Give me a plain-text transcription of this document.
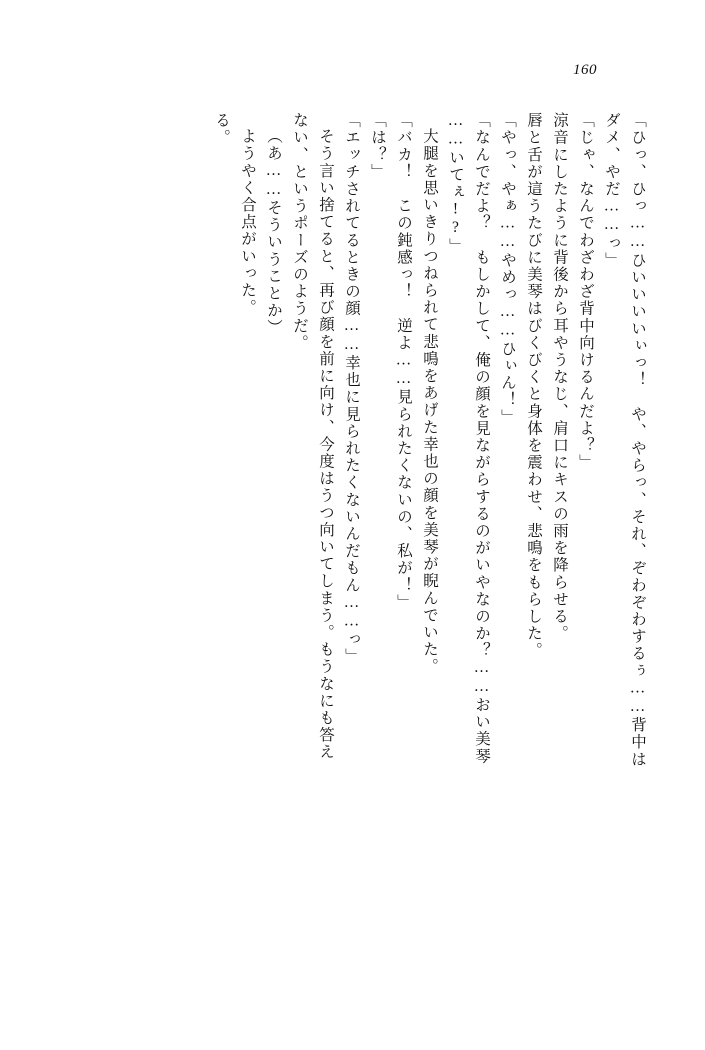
160
「ひっ、ひっ……ひいいいいぃっ！　や、やらっ、それ、ぞわぞわするぅ……背中は
ダメ、やだ……っ」
「じゃ、なんでわざわざ背中向けるんだよ？」
涼音にしたように背後から耳やうなじ、肩口にキスの雨を降らせる。
唇と舌が這うたびに美琴はびくびくと身体を震わせ、悲鳴をもらした。
「やっ、やぁ……やめっ……ひぃん！」
「なんでだよ？　もしかして、俺の顔を見ながらするのがいやなのか？……おい美琴
……いてぇ!?」
大腿を思いきりつねられて悲鳴をあげた幸也の顔を美琴が睨んでいた。
「バカ！　この鈍感っ！　逆よ……見られたくないの、私が！」
「は？」
「エッチされてるときの顔……幸也に見られたくないんだもん……っ」
そう言い捨てると、再び顔を前に向け、今度はうつ向いてしまう。もうなにも答え
ない、というポーズのようだ。
（あ……そういうことか）
ようやく合点がいった。
る。
